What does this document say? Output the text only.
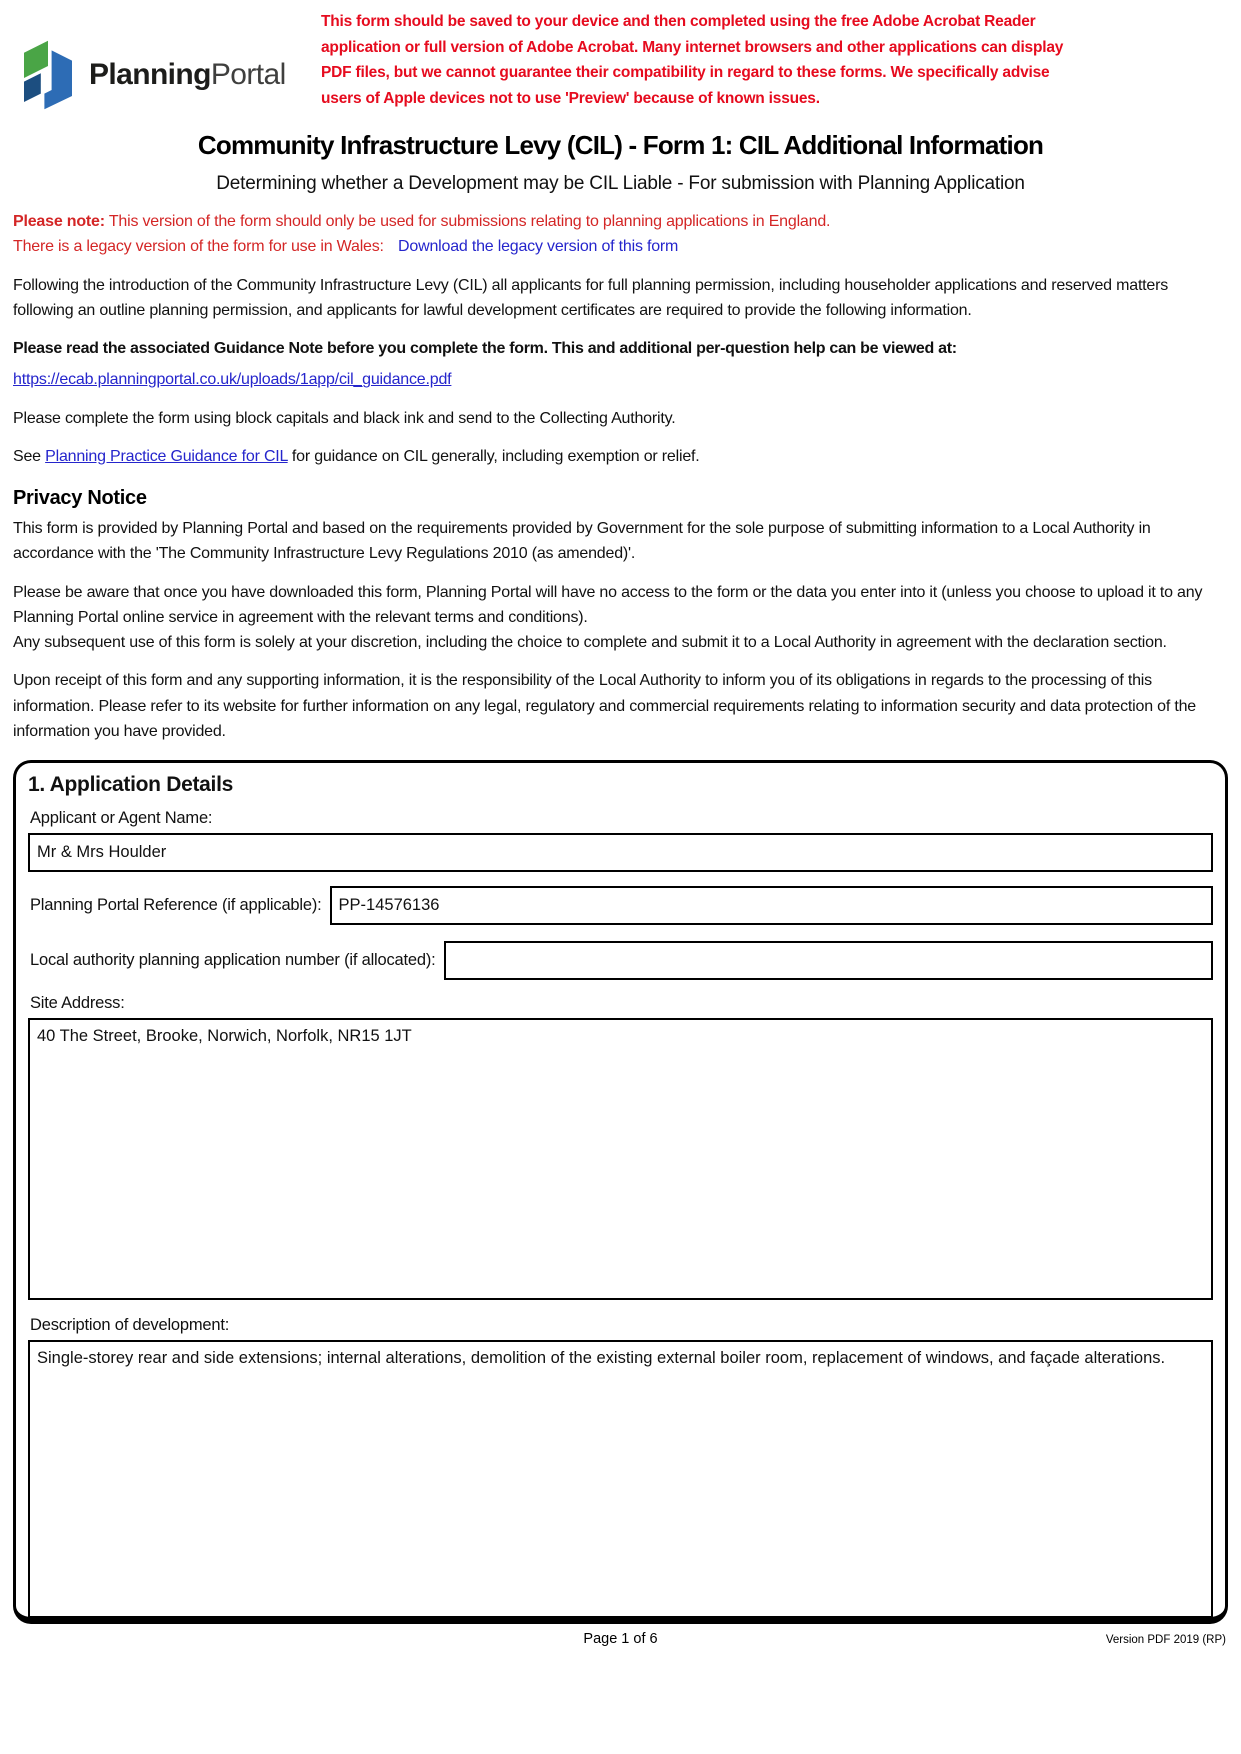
PlanningPortal
This form should be saved to your device and then completed using the free Adobe Acrobat Reader application or full version of Adobe Acrobat. Many internet browsers and other applications can display PDF files, but we cannot guarantee their compatibility in regard to these forms. We specifically advise users of Apple devices not to use 'Preview' because of known issues.
Community Infrastructure Levy (CIL) - Form 1: CIL Additional Information
Determining whether a Development may be CIL Liable - For submission with Planning Application

Please note: This version of the form should only be used for submissions relating to planning applications in England.
There is a legacy version of the form for use in Wales: Download the legacy version of this form

Following the introduction of the Community Infrastructure Levy (CIL) all applicants for full planning permission, including householder applications and reserved matters following an outline planning permission, and applicants for lawful development certificates are required to provide the following information.

Please read the associated Guidance Note before you complete the form. This and additional per-question help can be viewed at:

https://ecab.planningportal.co.uk/uploads/1app/cil_guidance.pdf

Please complete the form using block capitals and black ink and send to the Collecting Authority.

See Planning Practice Guidance for CIL for guidance on CIL generally, including exemption or relief.

Privacy Notice

This form is provided by Planning Portal and based on the requirements provided by Government for the sole purpose of submitting information to a Local Authority in accordance with the 'The Community Infrastructure Levy Regulations 2010 (as amended)'.

Please be aware that once you have downloaded this form, Planning Portal will have no access to the form or the data you enter into it (unless you choose to upload it to any Planning Portal online service in agreement with the relevant terms and conditions).
Any subsequent use of this form is solely at your discretion, including the choice to complete and submit it to a Local Authority in agreement with the declaration section.

Upon receipt of this form and any supporting information, it is the responsibility of the Local Authority to inform you of its obligations in regards to the processing of this information. Please refer to its website for further information on any legal, regulatory and commercial requirements relating to information security and data protection of the information you have provided.

1. Application Details
Applicant or Agent Name:
Mr & Mrs Houlder
Planning Portal Reference (if applicable):
PP-14576136
Local authority planning application number (if allocated):
Site Address:
40 The Street, Brooke, Norwich, Norfolk, NR15 1JT
Description of development:
Single-storey rear and side extensions; internal alterations, demolition of the existing external boiler room, replacement of windows, and façade alterations.
Page 1 of 6	Version PDF 2019 (RP)
